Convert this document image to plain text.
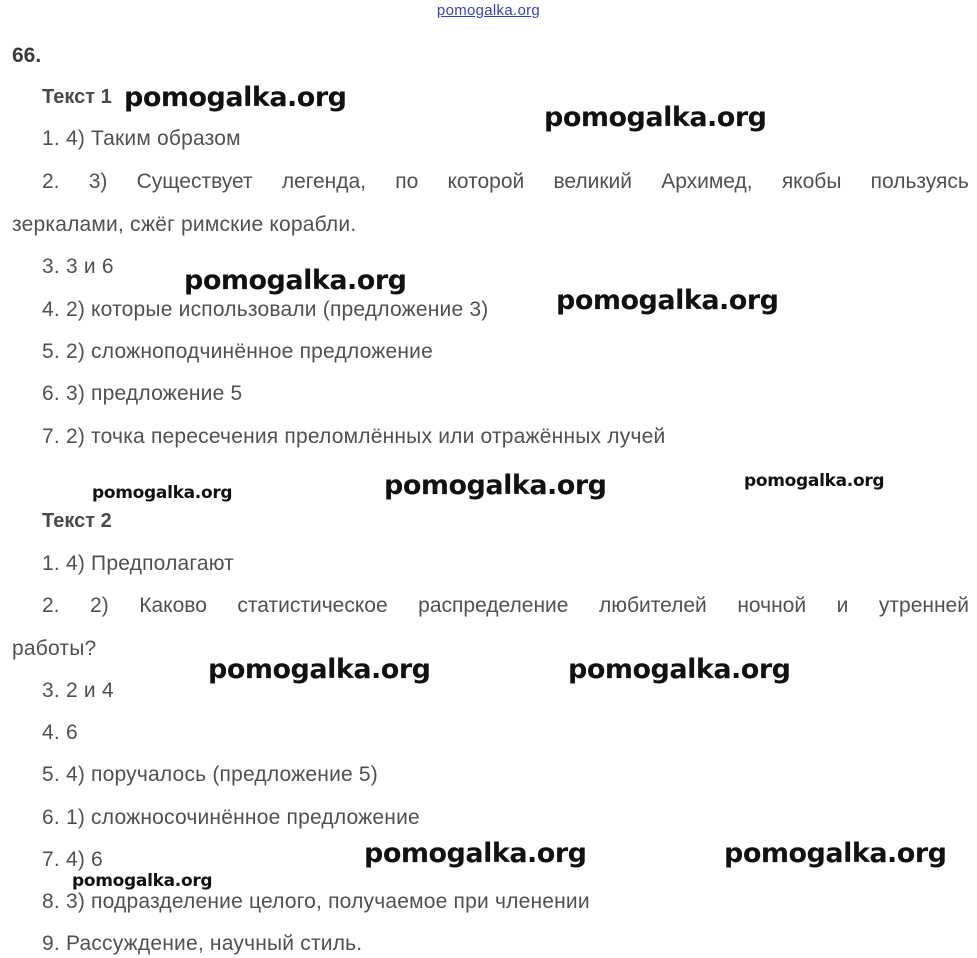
pomogalka.org
66.
Текст 1
1. 4) Таким образом
2. 3) Существует легенда, по которой великий Архимед, якобы пользуясь
зеркалами, сжёг римские корабли.
3. 3 и 6
4. 2) которые использовали (предложение 3)
5. 2) сложноподчинённое предложение
6. 3) предложение 5
7. 2) точка пересечения преломлённых или отражённых лучей
Текст 2
1. 4) Предполагают
2. 2) Каково статистическое распределение любителей ночной и утренней
работы?
3. 2 и 4
4. 6
5. 4) поручалось (предложение 5)
6. 1) сложносочинённое предложение
7. 4) 6
8. 3) подразделение целого, получаемое при членении
9. Рассуждение, научный стиль.
pomogalka.org
pomogalka.org
pomogalka.org
pomogalka.org
pomogalka.org	pomogalka.org	pomogalka.org
pomogalka.org	pomogalka.org
pomogalka.org	pomogalka.org
pomogalka.org
